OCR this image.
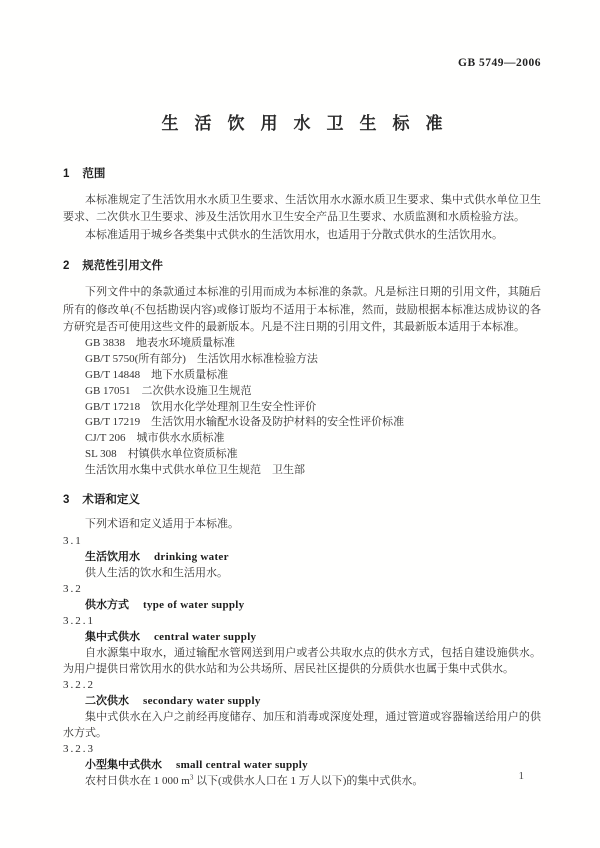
GB 5749—2006
生活饮用水卫生标准
1 范围

本标准规定了生活饮用水水质卫生要求、生活饮用水水源水质卫生要求、集中式供水单位卫生要求、二次供水卫生要求、涉及生活饮用水卫生安全产品卫生要求、水质监测和水质检验方法。

本标准适用于城乡各类集中式供水的生活饮用水，也适用于分散式供水的生活饮用水。

2 规范性引用文件

下列文件中的条款通过本标准的引用而成为本标准的条款。凡是标注日期的引用文件，其随后所有的修改单(不包括勘误内容)或修订版均不适用于本标准，然而，鼓励根据本标准达成协议的各方研究是否可使用这些文件的最新版本。凡是不注日期的引用文件，其最新版本适用于本标准。

GB 3838 地表水环境质量标准
GB/T 5750(所有部分) 生活饮用水标准检验方法
GB/T 14848 地下水质量标准
GB 17051 二次供水设施卫生规范
GB/T 17218 饮用水化学处理剂卫生安全性评价
GB/T 17219 生活饮用水输配水设备及防护材料的安全性评价标准
CJ/T 206 城市供水水质标准
SL 308 村镇供水单位资质标准
生活饮用水集中式供水单位卫生规范 卫生部
3 术语和定义

下列术语和定义适用于本标准。

3.1
生活饮用水 drinking water

供人生活的饮水和生活用水。

3.2
供水方式 type of water supply
3.2.1
集中式供水 central water supply

自水源集中取水，通过输配水管网送到用户或者公共取水点的供水方式，包括自建设施供水。为用户提供日常饮用水的供水站和为公共场所、居民社区提供的分质供水也属于集中式供水。

3.2.2
二次供水 secondary water supply

集中式供水在入户之前经再度储存、加压和消毒或深度处理，通过管道或容器输送给用户的供水方式。

3.2.3
小型集中式供水 small central water supply

农村日供水在 1 000 $m^3$ 以下(或供水人口在 1 万人以下)的集中式供水。	1
